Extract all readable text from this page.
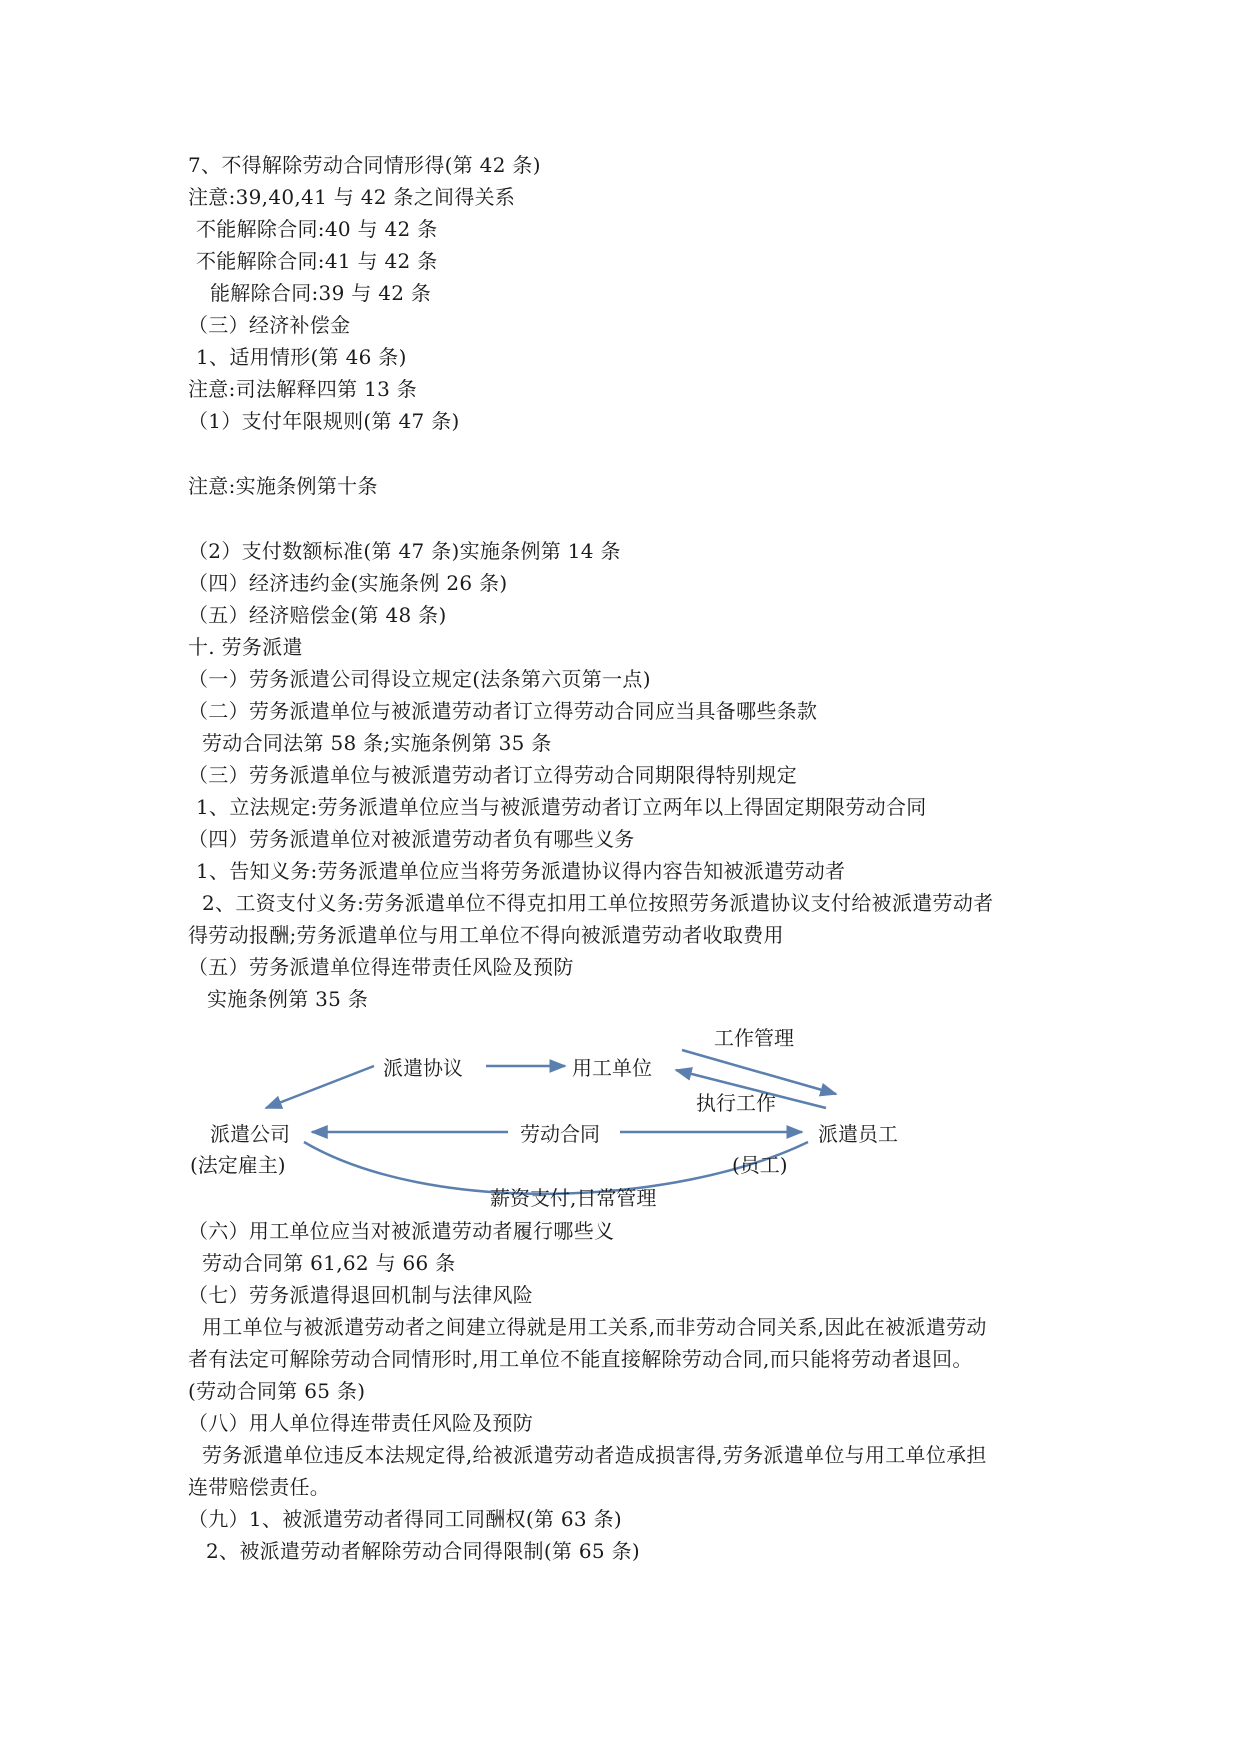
7、不得解除劳动合同情形得(第 42 条)
注意:39,40,41 与 42 条之间得关系
不能解除合同:40 与 42 条
不能解除合同:41 与 42 条
能解除合同:39 与 42 条
（三）经济补偿金
1、适用情形(第 46 条)
注意:司法解释四第 13 条
（1）支付年限规则(第 47 条)
注意:实施条例第十条
（2）支付数额标准(第 47 条)实施条例第 14 条
（四）经济违约金(实施条例 26 条)
（五）经济赔偿金(第 48 条)
十. 劳务派遣
（一）劳务派遣公司得设立规定(法条第六页第一点)
（二）劳务派遣单位与被派遣劳动者订立得劳动合同应当具备哪些条款
劳动合同法第 58 条;实施条例第 35 条
（三）劳务派遣单位与被派遣劳动者订立得劳动合同期限得特别规定
1、立法规定:劳务派遣单位应当与被派遣劳动者订立两年以上得固定期限劳动合同
（四）劳务派遣单位对被派遣劳动者负有哪些义务
1、告知义务:劳务派遣单位应当将劳务派遣协议得内容告知被派遣劳动者
2、工资支付义务:劳务派遣单位不得克扣用工单位按照劳务派遣协议支付给被派遣劳动者
得劳动报酬;劳务派遣单位与用工单位不得向被派遣劳动者收取费用
（五）劳务派遣单位得连带责任风险及预防
实施条例第 35 条
派遣协议	用工单位
工作管理
执行工作
派遣公司
(法定雇主)
劳动合同	派遣员工
(员工)
薪资支付,日常管理
（六）用工单位应当对被派遣劳动者履行哪些义
劳动合同第 61,62 与 66 条
（七）劳务派遣得退回机制与法律风险
用工单位与被派遣劳动者之间建立得就是用工关系,而非劳动合同关系,因此在被派遣劳动
者有法定可解除劳动合同情形时,用工单位不能直接解除劳动合同,而只能将劳动者退回。
(劳动合同第 65 条)
（八）用人单位得连带责任风险及预防
劳务派遣单位违反本法规定得,给被派遣劳动者造成损害得,劳务派遣单位与用工单位承担
连带赔偿责任。
（九）1、被派遣劳动者得同工同酬权(第 63 条)
2、被派遣劳动者解除劳动合同得限制(第 65 条)
